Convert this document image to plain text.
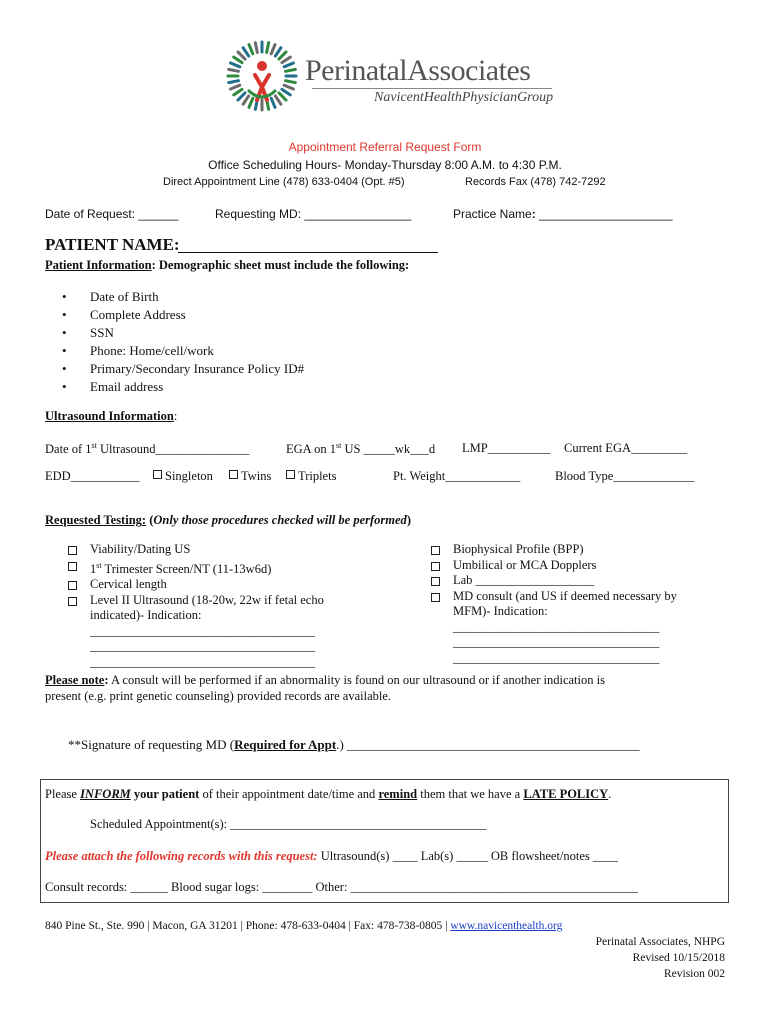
PerinatalAssociates
NavicentHealthPhysicianGroup
Appointment Referral Request Form
Office Scheduling Hours- Monday-Thursday 8:00 A.M. to 4:30 P.M.
Direct Appointment Line (478) 633-0404 (Opt. #5)	Records Fax (478) 742-7292
Date of Request: ______	Requesting MD: ________________	Practice Name: ____________________
PATIENT NAME:
Patient Information: Demographic sheet must include the following:
• Date of Birth
• Complete Address
• SSN
• Phone: Home/cell/work
• Primary/Secondary Insurance Policy ID#
• Email address
Ultrasound Information:
Date of 1st Ultrasound_______________	EGA on 1st US _____wk___d LMP__________ Current EGA_________
EDD___________	Singleton	Twins	Triplets	Pt. Weight____________	Blood Type_____________
Requested Testing: (Only those procedures checked will be performed)
Viability/Dating US
1st Trimester Screen/NT (11-13w6d)
Cervical length
Level II Ultrasound (18-20w, 22w if fetal echo
indicated)- Indication:
____________________________________
____________________________________
____________________________________
Biophysical Profile (BPP)
Umbilical or MCA Dopplers
Lab ___________________
MD consult (and US if deemed necessary by
MFM)- Indication:
_________________________________
_________________________________
_________________________________
Please note: A consult will be performed if an abnormality is found on our ultrasound or if another indication is
present (e.g. print genetic counseling) provided records are available.
**Signature of requesting MD (Required for Appt.) _____________________________________________
Please INFORM your patient of their appointment date/time and remind them that we have a LATE POLICY.
Scheduled Appointment(s): _________________________________________
Please attach the following records with this request: Ultrasound(s) ____ Lab(s) _____ OB flowsheet/notes ____
Consult records: ______ Blood sugar logs: ________ Other: ______________________________________________
840 Pine St., Ste. 990 | Macon, GA 31201 | Phone: 478-633-0404 | Fax: 478-738-0805 | www.navicenthealth.org
Perinatal Associates, NHPG
Revised 10/15/2018
Revision 002
